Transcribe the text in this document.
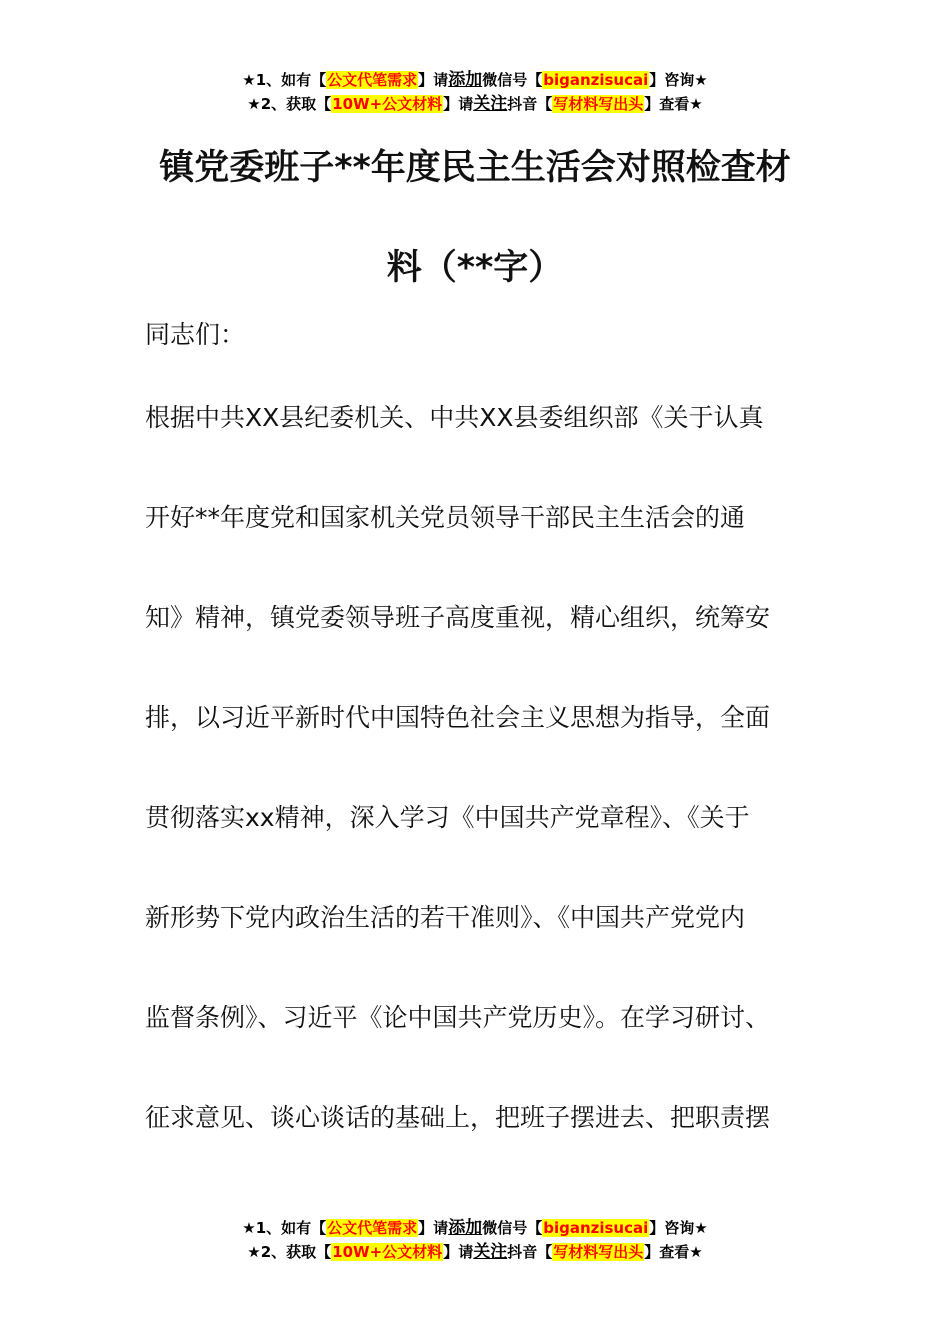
★1、如有【公文代笔需求】请添加微信号【biganzisucai】咨询★
★2、获取【10W+公文材料】请关注抖音【写材料写出头】查看★
镇党委班子**年度民主生活会对照检查材
料（**字）
同志们：
根据中共XX县纪委机关、中共XX县委组织部《关于认真
开好**年度党和国家机关党员领导干部民主生活会的通
知》精神，镇党委领导班子高度重视，精心组织，统筹安
排，以习近平新时代中国特色社会主义思想为指导，全面
贯彻落实xx精神，深入学习《中国共产党章程》、《关于
新形势下党内政治生活的若干准则》、《中国共产党党内
监督条例》、习近平《论中国共产党历史》。在学习研讨、
征求意见、谈心谈话的基础上，把班子摆进去、把职责摆
★1、如有【公文代笔需求】请添加微信号【biganzisucai】咨询★
★2、获取【10W+公文材料】请关注抖音【写材料写出头】查看★
